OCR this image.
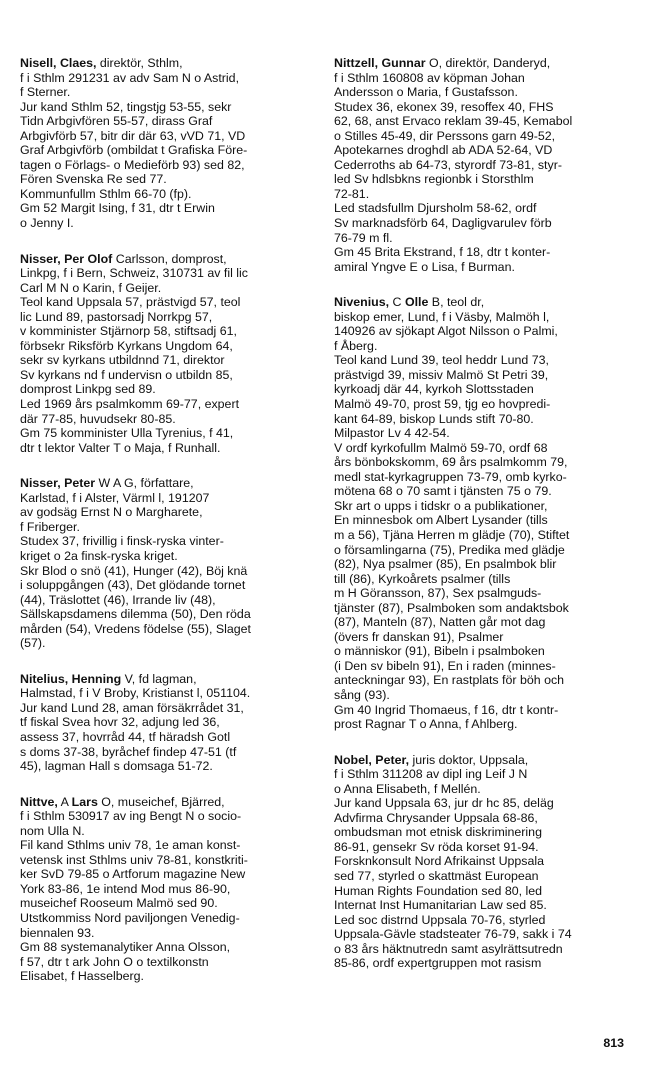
Nisell, Claes, direktör, Sthlm,
f i Sthlm 291231 av adv Sam N o Astrid,
f Sterner.
Jur kand Sthlm 52, tingstjg 53-55, sekr
Tidn Arbgivfören 55-57, dirass Graf
Arbgivförb 57, bitr dir där 63, vVD 71, VD
Graf Arbgivförb (ombildat t Grafiska Före-
tagen o Förlags- o Medieförb 93) sed 82,
Fören Svenska Re sed 77.
Kommunfullm Sthlm 66-70 (fp).
Gm 52 Margit Ising, f 31, dtr t Erwin
o Jenny I.
Nisser, Per Olof Carlsson, domprost,
Linkpg, f i Bern, Schweiz, 310731 av fil lic
Carl M N o Karin, f Geijer.
Teol kand Uppsala 57, prästvigd 57, teol
lic Lund 89, pastorsadj Norrkpg 57,
v komminister Stjärnorp 58, stiftsadj 61,
förbsekr Riksförb Kyrkans Ungdom 64,
sekr sv kyrkans utbildnnd 71, direktor
Sv kyrkans nd f undervisn o utbildn 85,
domprost Linkpg sed 89.
Led 1969 års psalmkomm 69-77, expert
där 77-85, huvudsekr 80-85.
Gm 75 komminister Ulla Tyrenius, f 41,
dtr t lektor Valter T o Maja, f Runhall.
Nisser, Peter W A G, författare,
Karlstad, f i Alster, Värml l, 191207
av godsäg Ernst N o Margharete,
f Friberger.
Studex 37, frivillig i finsk-ryska vinter-
kriget o 2a finsk-ryska kriget.
Skr Blod o snö (41), Hunger (42), Böj knä
i soluppgången (43), Det glödande tornet
(44), Träslottet (46), Irrande liv (48),
Sällskapsdamens dilemma (50), Den röda
mården (54), Vredens födelse (55), Slaget
(57).
Nitelius, Henning V, fd lagman,
Halmstad, f i V Broby, Kristianst l, 051104.
Jur kand Lund 28, aman försäkrrådet 31,
tf fiskal Svea hovr 32, adjung led 36,
assess 37, hovrråd 44, tf häradsh Gotl
s doms 37-38, byråchef findep 47-51 (tf
45), lagman Hall s domsaga 51-72.
Nittve, A Lars O, museichef, Bjärred,
f i Sthlm 530917 av ing Bengt N o socio-
nom Ulla N.
Fil kand Sthlms univ 78, 1e aman konst-
vetensk inst Sthlms univ 78-81, konstkriti-
ker SvD 79-85 o Artforum magazine New
York 83-86, 1e intend Mod mus 86-90,
museichef Rooseum Malmö sed 90.
Utstkommiss Nord paviljongen Venedig-
biennalen 93.
Gm 88 systemanalytiker Anna Olsson,
f 57, dtr t ark John O o textilkonstn
Elisabet, f Hasselberg.
Nittzell, Gunnar O, direktör, Danderyd,
f i Sthlm 160808 av köpman Johan
Andersson o Maria, f Gustafsson.
Studex 36, ekonex 39, resoffex 40, FHS
62, 68, anst Ervaco reklam 39-45, Kemabol
o Stilles 45-49, dir Perssons garn 49-52,
Apotekarnes droghdl ab ADA 52-64, VD
Cederroths ab 64-73, styrordf 73-81, styr-
led Sv hdlsbkns regionbk i Storsthlm
72-81.
Led stadsfullm Djursholm 58-62, ordf
Sv marknadsförb 64, Dagligvarulev förb
76-79 m fl.
Gm 45 Brita Ekstrand, f 18, dtr t konter-
amiral Yngve E o Lisa, f Burman.
Nivenius, C Olle B, teol dr,
biskop emer, Lund, f i Väsby, Malmöh l,
140926 av sjökapt Algot Nilsson o Palmi,
f Åberg.
Teol kand Lund 39, teol heddr Lund 73,
prästvigd 39, missiv Malmö St Petri 39,
kyrkoadj där 44, kyrkoh Slottsstaden
Malmö 49-70, prost 59, tjg eo hovpredi-
kant 64-89, biskop Lunds stift 70-80.
Milpastor Lv 4 42-54.
V ordf kyrkofullm Malmö 59-70, ordf 68
års bönbokskomm, 69 års psalmkomm 79,
medl stat-kyrkagruppen 73-79, omb kyrko-
mötena 68 o 70 samt i tjänsten 75 o 79.
Skr art o upps i tidskr o a publikationer,
En minnesbok om Albert Lysander (tills
m a 56), Tjäna Herren m glädje (70), Stiftet
o församlingarna (75), Predika med glädje
(82), Nya psalmer (85), En psalmbok blir
till (86), Kyrkoårets psalmer (tills
m H Göransson, 87), Sex psalmguds-
tjänster (87), Psalmboken som andaktsbok
(87), Manteln (87), Natten går mot dag
(övers fr danskan 91), Psalmer
o människor (91), Bibeln i psalmboken
(i Den sv bibeln 91), En i raden (minnes-
anteckningar 93), En rastplats för böh och
sång (93).
Gm 40 Ingrid Thomaeus, f 16, dtr t kontr-
prost Ragnar T o Anna, f Ahlberg.
Nobel, Peter, juris doktor, Uppsala,
f i Sthlm 311208 av dipl ing Leif J N
o Anna Elisabeth, f Mellén.
Jur kand Uppsala 63, jur dr hc 85, deläg
Advfirma Chrysander Uppsala 68-86,
ombudsman mot etnisk diskriminering
86-91, gensekr Sv röda korset 91-94.
Forsknkonsult Nord Afrikainst Uppsala
sed 77, styrled o skattmäst European
Human Rights Foundation sed 80, led
Internat Inst Humanitarian Law sed 85.
Led soc distrnd Uppsala 70-76, styrled
Uppsala-Gävle stadsteater 76-79, sakk i 74
o 83 års häktnutredn samt asylrättsutredn
85-86, ordf expertgruppen mot rasism
813
